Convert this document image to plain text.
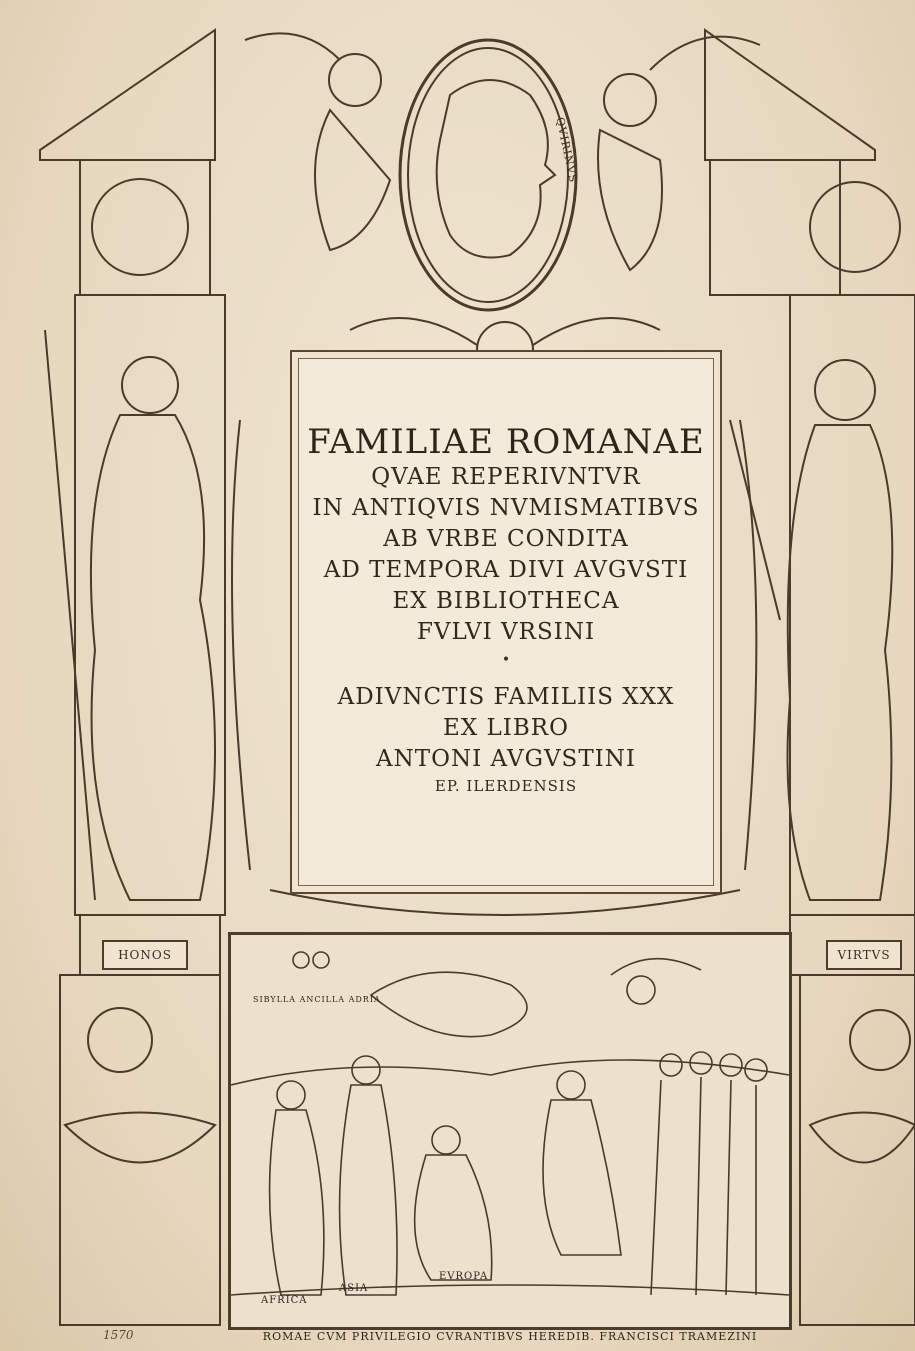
QVIRINVS
FAMILIAE ROMANAE
QVAE REPERIVNTVR
IN ANTIQVIS NVMISMATIBVS
AB VRBE CONDITA
AD TEMPORA DIVI AVGVSTI
EX BIBLIOTHECA
FVLVI VRSINI
•
ADIVNCTIS FAMILIIS XXX
EX LIBRO
ANTONI AVGVSTINI
EP. ILERDENSIS
HONOS	VIRTVS
SIBYLLA ANCILLA ADRIA
AFRICA
ASIA
EVROPA
1570	ROMAE CVM PRIVILEGIO CVRANTIBVS HEREDIB. FRANCISCI TRAMEZINI
